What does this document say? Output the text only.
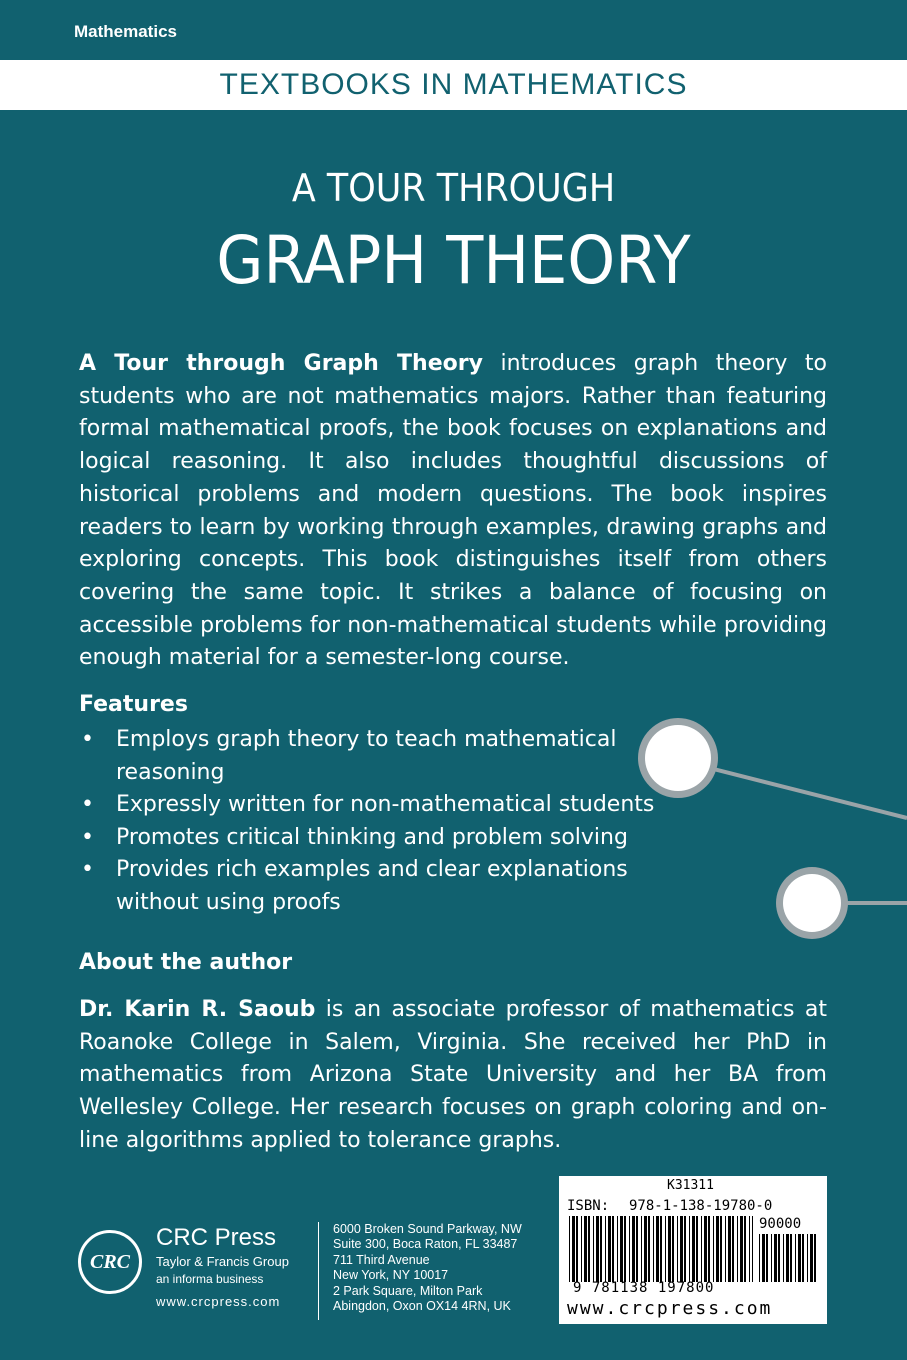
Mathematics
TEXTBOOKS IN MATHEMATICS
A TOUR THROUGH
GRAPH THEORY
A Tour through Graph Theory introduces graph theory to students who are not mathematics majors. Rather than featuring formal mathematical proofs, the book focuses on explanations and logical reasoning. It also includes thoughtful discussions of historical problems and modern questions. The book inspires readers to learn by working through examples, drawing graphs and exploring concepts. This book distinguishes itself from others covering the same topic. It strikes a balance of focusing on accessible problems for non-mathematical students while providing enough material for a semester-long course.
Features
• Employs graph theory to teach mathematical reasoning
• Expressly written for non-mathematical students
• Promotes critical thinking and problem solving
• Provides rich examples and clear explanations without using proofs
About the author
Dr. Karin R. Saoub is an associate professor of mathematics at Roanoke College in Salem, Virginia. She received her PhD in mathematics from Arizona State University and her BA from Wellesley College. Her research focuses on graph coloring and on-line algorithms applied to tolerance graphs.
CRC
CRC Press
Taylor & Francis Group
an informa business
www.crcpress.com
6000 Broken Sound Parkway, NW
Suite 300, Boca Raton, FL 33487
711 Third Avenue
New York, NY 10017
2 Park Square, Milton Park
Abingdon, Oxon OX14 4RN, UK
K31311
ISBN: 978-1-138-19780-0
90000
9 781138 197800
www.crcpress.com
